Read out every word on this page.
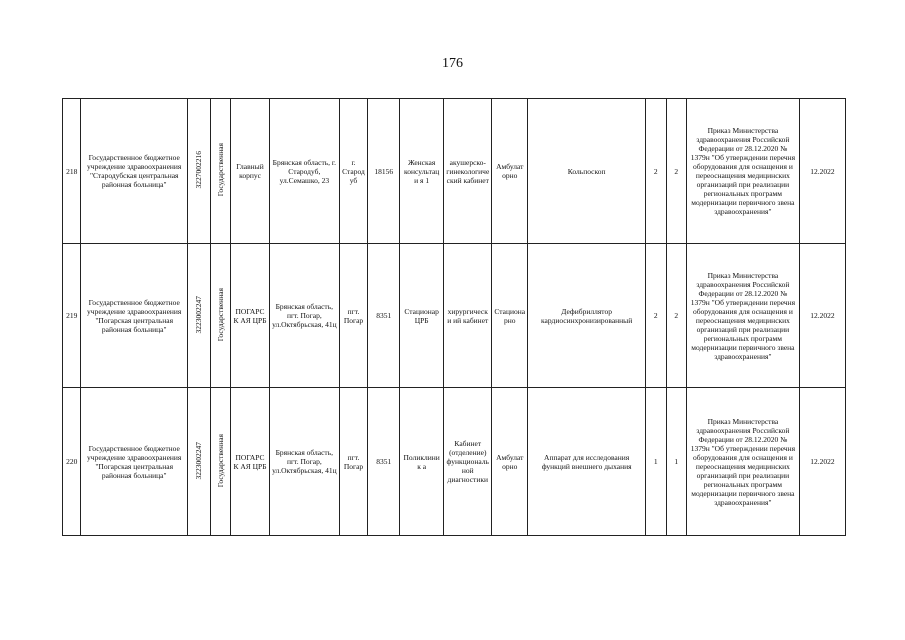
176
218	Государственное бюджетное учреждение здравоохранения "Стародубская центральная районная больница"	3227002216	Государственная	Главный корпус	Брянская область, г. Стародуб, ул.Семашко, 23	г. Стародуб	18156	Женская консультаци я 1	акушерско-гинекологиче ский кабинет	Амбулат орно	Кольпоскоп	2	2	Приказ Министерства здравоохранения Российской Федерации от 28.12.2020 № 1379н "Об утверждении перечня оборудования для оснащения и переоснащения медицинских организаций при реализации региональных программ модернизации первичного звена здравоохранения"	12.2022
219	Государственное бюджетное учреждение здравоохранения "Погарская центральная районная больница"	3223002247	Государственная	ПОГАРСК АЯ ЦРБ	Брянская область, пгт. Погар, ул.Октябрьская, 41ц	пгт. Погар	8351	Стационар ЦРБ	хирургически ий кабинет	Стациона рно	Дефибриллятор кардиосинхронизированный	2	2	Приказ Министерства здравоохранения Российской Федерации от 28.12.2020 № 1379н "Об утверждении перечня оборудования для оснащения и переоснащения медицинских организаций при реализации региональных программ модернизации первичного звена здравоохранения"	12.2022
220	Государственное бюджетное учреждение здравоохранения "Погарская центральная районная больница"	3223002247	Государственная	ПОГАРСК АЯ ЦРБ	Брянская область, пгт. Погар, ул.Октябрьская, 41ц	пгт. Погар	8351	Поликлиник а	Кабинет (отделение) функциональ ной диагностики	Амбулат орно	Аппарат для исследования функций внешнего дыхания	1	1	Приказ Министерства здравоохранения Российской Федерации от 28.12.2020 № 1379н "Об утверждении перечня оборудования для оснащения и переоснащения медицинских организаций при реализации региональных программ модернизации первичного звена здравоохранения"	12.2022
